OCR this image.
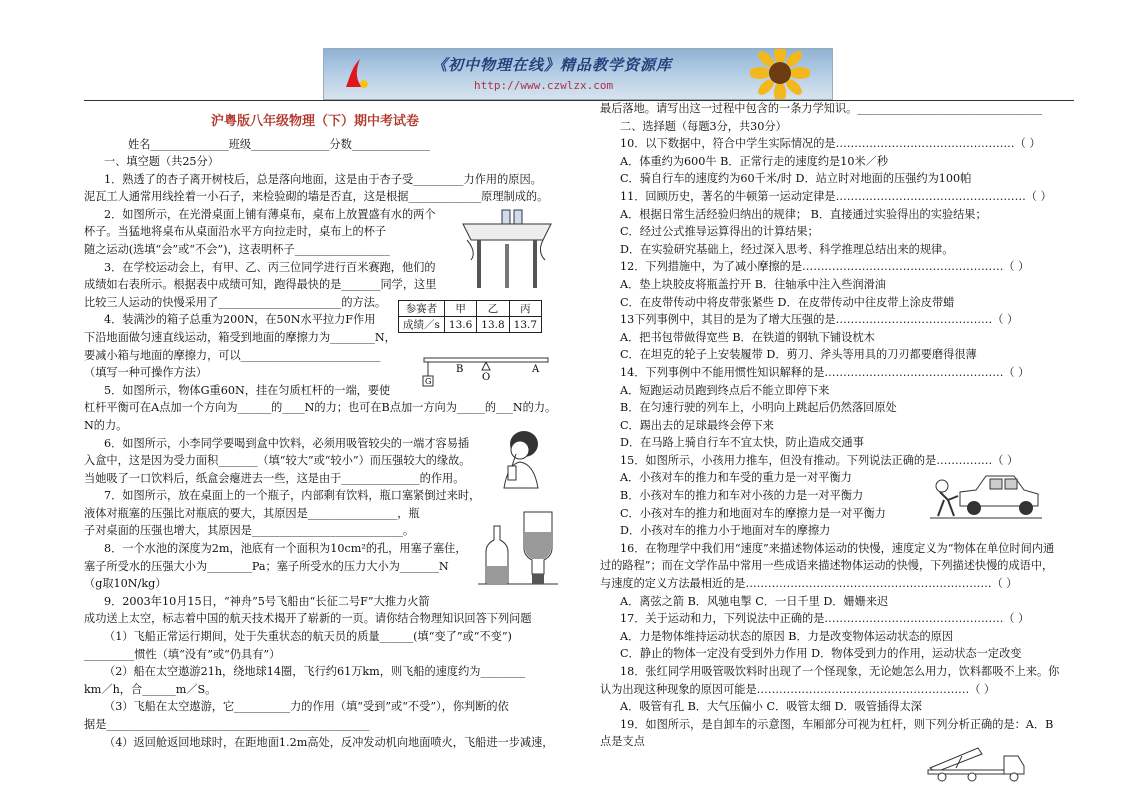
《初中物理在线》精品教学资源库
http://www.czwlzx.com
沪粤版八年级物理（下）期中考试卷
姓名______________班级______________分数______________

一、填空题（共25分）

1．熟透了的杏子离开树枝后，总是落向地面，这是由于杏子受_________力作用的原因。

泥瓦工人通常用线拴着一小石子，来检验砌的墙是否直，这是根据_____________原理制成的。

2．如图所示，在光滑桌面上铺有薄桌布，桌布上放置盛有水的两个

杯子。当猛地将桌布从桌面沿水平方向拉走时，桌布上的杯子

随之运动(选填“会”或“不会”)，这表明杯子_________________

3．在学校运动会上，有甲、乙、丙三位同学进行百米赛跑，他们的

成绩如右表所示。根据表中成绩可知，跑得最快的是_______同学，这里

比较三人运动的快慢采用了______________________的方法。

4．装满沙的箱子总重为200N，在50N水平拉力F作用

下沿地面做匀速直线运动，箱受到地面的摩擦力为________N，

要减小箱与地面的摩擦力，可以_________________________

（填写一种可操作方法）

5．如图所示，物体G重60N，挂在匀质杠杆的一端，要使

杠杆平衡可在A点加一个方向为______的____N的力；也可在B点加一方向为_____的___N的力。

N的力。

6．如图所示，小李同学要喝到盒中饮料，必须用吸管较尖的一端才容易插

入盒中，这是因为受力面积_______（填“较大”或“较小”）而压强较大的缘故。

当她吸了一口饮料后，纸盒会瘪进去一些，这是由于______________的作用。

7．如图所示，放在桌面上的一个瓶子，内部剩有饮料，瓶口塞紧倒过来时，

液体对瓶塞的压强比对瓶底的要大，其原因是________________，瓶

子对桌面的压强也增大，其原因是___________________________。

8．一个水池的深度为2m，池底有一个面积为10cm²的孔，用塞子塞住，

塞子所受水的压强大小为________Pa；塞子所受水的压力大小为_______N

（g取10N/kg）

9．2003年10月15日，“神舟”5号飞船由“长征二号F”大推力火箭

成功送上太空，标志着中国的航天技术揭开了崭新的一页。请你结合物理知识回答下列问题

（1）飞船正常运行期间，处于失重状态的航天员的质量______(填“变了”或“不变”)

_________惯性（填“没有”或“仍具有”）

（2）船在太空遨游21h，绕地球14圈，飞行约61万km，则飞船的速度约为________

km／h，合______m／S。

（3）飞船在太空遨游，它__________力的作用（填“受到”或“不受”），你判断的依

据是_______________________________________________

（4）返回舱返回地球时，在距地面1.2m高处，反冲发动机向地面喷火，飞船进一步减速，

参赛者	甲	乙	丙
成绩／s	13.6	13.8	13.7
G
B
O
A

最后落地。请写出这一过程中包含的一条力学知识。_________________________________

二、选择题（每题3分，共30分）

10．以下数据中，符合中学生实际情况的是…………………………………………（ ）

A．体重约为600牛 B．正常行走的速度约是10米／秒

C．骑自行车的速度约为60千米/时 D．站立时对地面的压强约为100帕

11．回顾历史，著名的牛顿第一运动定律是……………………………………………（ ）

A．根据日常生活经验归纳出的规律； B．直接通过实验得出的实验结果；

C．经过公式推导运算得出的计算结果；

D．在实验研究基础上，经过深入思考、科学推理总结出来的规律。

12．下列措施中，为了减小摩擦的是………………………………………………（ ）

A．垫上块胶皮将瓶盖拧开 B．往轴承中注入些润滑油

C．在皮带传动中将皮带张紧些 D．在皮带传动中往皮带上涂皮带蜡

13下列事例中，其目的是为了增大压强的是……………………………………（ ）

A．把书包带做得宽些 B．在铁道的钢轨下铺设枕木

C．在坦克的轮子上安装履带 D．剪刀、斧头等用具的刀刃都要磨得很薄

14．下列事例中不能用惯性知识解释的是…………………………………………（ ）

A．短跑运动员跑到终点后不能立即停下来

B．在匀速行驶的列车上，小明向上跳起后仍然落回原处

C．踢出去的足球最终会停下来

D．在马路上骑自行车不宜太快，防止造成交通事

15．如图所示，小孩用力推车，但没有推动。下列说法正确的是……………（ ）

A．小孩对车的推力和车受的重力是一对平衡力

B．小孩对车的推力和车对小孩的力是一对平衡力

C．小孩对车的推力和地面对车的摩擦力是一对平衡力

D．小孩对车的推力小于地面对车的摩擦力

16．在物理学中我们用“速度”来描述物体运动的快慢，速度定义为“物体在单位时间内通

过的路程”；而在文学作品中常用一些成语来描述物体运动的快慢，下列描述快慢的成语中，

与速度的定义方法最相近的是…………………………………………………………（ ）

A．离弦之箭 B．风驰电掣 C．一日千里 D．姗姗来迟

17．关于运动和力，下列说法中正确的是…………………………………………（ ）

A．力是物体维持运动状态的原因 B．力是改变物体运动状态的原因

C．静止的物体一定没有受到外力作用 D．物体受到力的作用，运动状态一定改变

18．张红同学用吸管吸饮料时出现了一个怪现象，无论她怎么用力，饮料都吸不上来。你

认为出现这种现象的原因可能是…………………………………………………（ ）

A．吸管有孔 B．大气压偏小 C．吸管太细 D．吸管插得太深

19．如图所示，是自卸车的示意图，车厢部分可视为杠杆，则下列分析正确的是：A．B

点是支点
